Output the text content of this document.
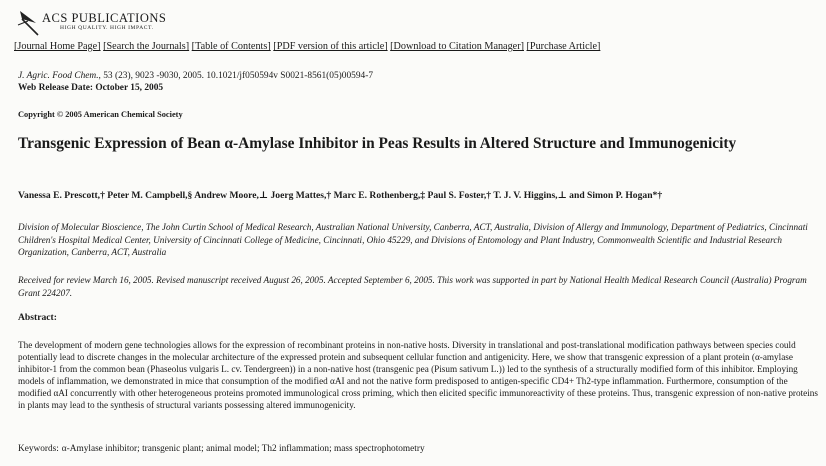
ACS PUBLICATIONS
HIGH QUALITY. HIGH IMPACT.
[Journal Home Page] [Search the Journals] [Table of Contents] [PDF version of this article] [Download to Citation Manager] [Purchase Article]
J. Agric. Food Chem., 53 (23), 9023 -9030, 2005. 10.1021/jf050594v S0021-8561(05)00594-7
Web Release Date: October 15, 2005
Copyright © 2005 American Chemical Society
Transgenic Expression of Bean α-Amylase Inhibitor in Peas Results in Altered Structure and Immunogenicity
Vanessa E. Prescott,† Peter M. Campbell,§ Andrew Moore,⊥ Joerg Mattes,† Marc E. Rothenberg,‡ Paul S. Foster,† T. J. V. Higgins,⊥ and Simon P. Hogan*†
Division of Molecular Bioscience, The John Curtin School of Medical Research, Australian National University, Canberra, ACT, Australia, Division of Allergy and Immunology, Department of Pediatrics, Cincinnati Children's Hospital Medical Center, University of Cincinnati College of Medicine, Cincinnati, Ohio 45229, and Divisions of Entomology and Plant Industry, Commonwealth Scientific and Industrial Research Organization, Canberra, ACT, Australia
Received for review March 16, 2005. Revised manuscript received August 26, 2005. Accepted September 6, 2005. This work was supported in part by National Health Medical Research Council (Australia) Program Grant 224207.
Abstract:
The development of modern gene technologies allows for the expression of recombinant proteins in non-native hosts. Diversity in translational and post-translational modification pathways between species could potentially lead to discrete changes in the molecular architecture of the expressed protein and subsequent cellular function and antigenicity. Here, we show that transgenic expression of a plant protein (α-amylase inhibitor-1 from the common bean (Phaseolus vulgaris L. cv. Tendergreen)) in a non-native host (transgenic pea (Pisum sativum L.)) led to the synthesis of a structurally modified form of this inhibitor. Employing models of inflammation, we demonstrated in mice that consumption of the modified αAI and not the native form predisposed to antigen-specific CD4+ Th2-type inflammation. Furthermore, consumption of the modified αAI concurrently with other heterogeneous proteins promoted immunological cross priming, which then elicited specific immunoreactivity of these proteins. Thus, transgenic expression of non-native proteins in plants may lead to the synthesis of structural variants possessing altered immunogenicity.
Keywords: α-Amylase inhibitor; transgenic plant; animal model; Th2 inflammation; mass spectrophotometry
